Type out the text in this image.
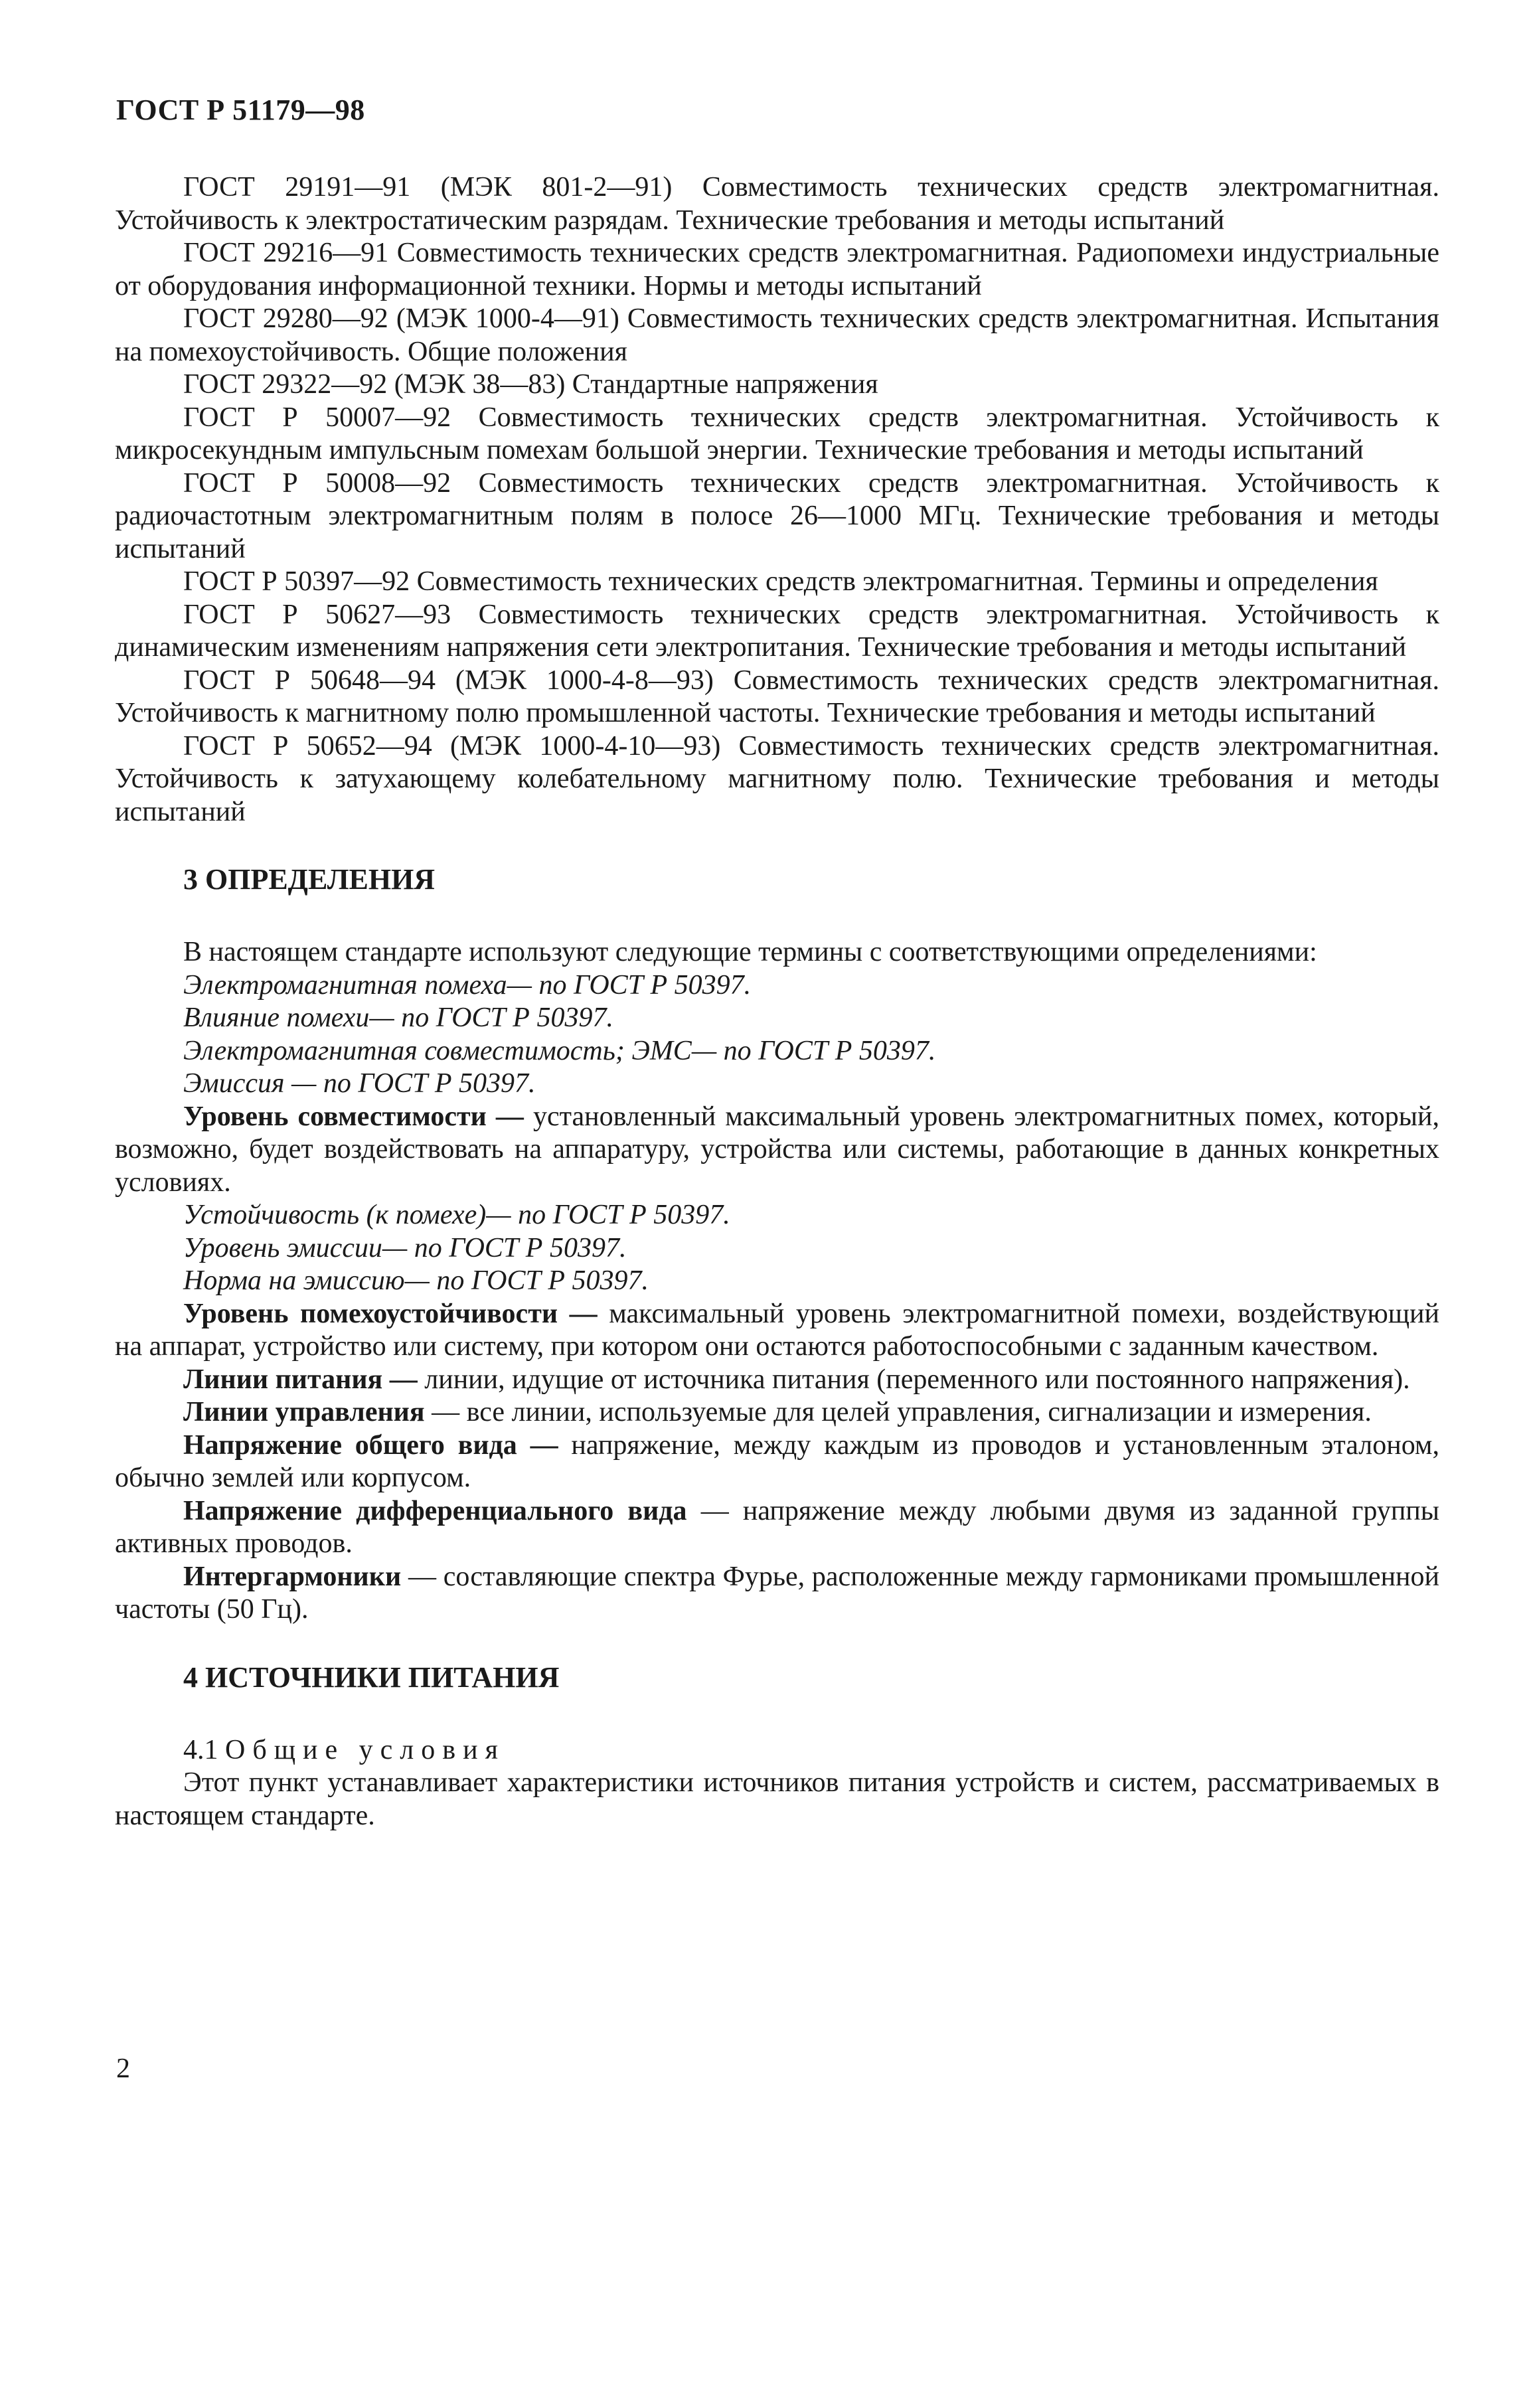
ГОСТ Р 51179—98

ГОСТ 29191—91 (МЭК 801-2—91) Совместимость технических средств электромагнитная. Устойчивость к электростатическим разрядам. Технические требования и методы испытаний

ГОСТ 29216—91 Совместимость технических средств электромагнитная. Радиопомехи индустриальные от оборудования информационной техники. Нормы и методы испытаний

ГОСТ 29280—92 (МЭК 1000-4—91) Совместимость технических средств электромагнитная. Испытания на помехоустойчивость. Общие положения

ГОСТ 29322—92 (МЭК 38—83) Стандартные напряжения

ГОСТ Р 50007—92 Совместимость технических средств электромагнитная. Устойчивость к микросекундным импульсным помехам большой энергии. Технические требования и методы испытаний

ГОСТ Р 50008—92 Совместимость технических средств электромагнитная. Устойчивость к радиочастотным электромагнитным полям в полосе 26—1000 МГц. Технические требования и методы испытаний

ГОСТ Р 50397—92 Совместимость технических средств электромагнитная. Термины и определения

ГОСТ Р 50627—93 Совместимость технических средств электромагнитная. Устойчивость к динамическим изменениям напряжения сети электропитания. Технические требования и методы испытаний

ГОСТ Р 50648—94 (МЭК 1000-4-8—93) Совместимость технических средств электромагнитная. Устойчивость к магнитному полю промышленной частоты. Технические требования и методы испытаний

ГОСТ Р 50652—94 (МЭК 1000-4-10—93) Совместимость технических средств электромагнитная. Устойчивость к затухающему колебательному магнитному полю. Технические требования и методы испытаний

3 ОПРЕДЕЛЕНИЯ

В настоящем стандарте используют следующие термины с соответствующими определениями:

Электромагнитная помеха— по ГОСТ Р 50397.

Влияние помехи— по ГОСТ Р 50397.

Электромагнитная совместимость; ЭМС— по ГОСТ Р 50397.

Эмиссия — по ГОСТ Р 50397.

Уровень совместимости — установленный максимальный уровень электромагнитных помех, который, возможно, будет воздействовать на аппаратуру, устройства или системы, работающие в данных конкретных условиях.

Устойчивость (к помехе)— по ГОСТ Р 50397.

Уровень эмиссии— по ГОСТ Р 50397.

Норма на эмиссию— по ГОСТ Р 50397.

Уровень помехоустойчивости — максимальный уровень электромагнитной помехи, воздействующий на аппарат, устройство или систему, при котором они остаются работоспособными с заданным качеством.

Линии питания — линии, идущие от источника питания (переменного или постоянного напряжения).

Линии управления — все линии, используемые для целей управления, сигнализации и измерения.

Напряжение общего вида — напряжение, между каждым из проводов и установленным эталоном, обычно землей или корпусом.

Напряжение дифференциального вида — напряжение между любыми двумя из заданной группы активных проводов.

Интергармоники — составляющие спектра Фурье, расположенные между гармониками промышленной частоты (50 Гц).

4 ИСТОЧНИКИ ПИТАНИЯ

4.1 Общие условия

Этот пункт устанавливает характеристики источников питания устройств и систем, рассматриваемых в настоящем стандарте.

2
